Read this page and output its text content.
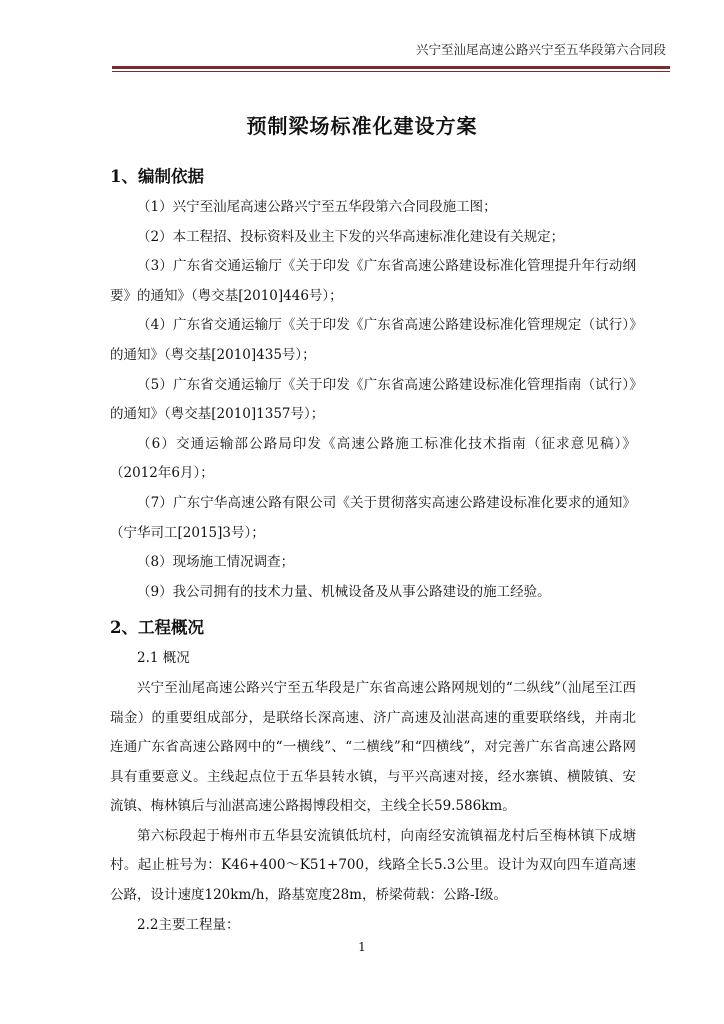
兴宁至汕尾高速公路兴宁至五华段第六合同段
预制梁场标准化建设方案

1、编制依据

（1）兴宁至汕尾高速公路兴宁至五华段第六合同段施工图；

（2）本工程招、投标资料及业主下发的兴华高速标准化建设有关规定；

（3）广东省交通运输厅《关于印发《广东省高速公路建设标准化管理提升年行动纲要》的通知》（粤交基[2010]446号）；

（4）广东省交通运输厅《关于印发《广东省高速公路建设标准化管理规定（试行）》的通知》（粤交基[2010]435号）；

（5）广东省交通运输厅《关于印发《广东省高速公路建设标准化管理指南（试行）》的通知》（粤交基[2010]1357号）；

（6）交通运输部公路局印发《高速公路施工标准化技术指南（征求意见稿）》（2012年6月）；

（7）广东宁华高速公路有限公司《关于贯彻落实高速公路建设标准化要求的通知》（宁华司工[2015]3号）；

（8）现场施工情况调查；

（9）我公司拥有的技术力量、机械设备及从事公路建设的施工经验。

2、工程概况

2.1 概况

兴宁至汕尾高速公路兴宁至五华段是广东省高速公路网规划的“二纵线”（汕尾至江西瑞金）的重要组成部分，是联络长深高速、济广高速及汕湛高速的重要联络线，并南北连通广东省高速公路网中的“一横线”、“二横线”和“四横线”，对完善广东省高速公路网具有重要意义。主线起点位于五华县转水镇，与平兴高速对接，经水寨镇、横陂镇、安流镇、梅林镇后与汕湛高速公路揭博段相交，主线全长59.586km。

第六标段起于梅州市五华县安流镇低坑村，向南经安流镇福龙村后至梅林镇下成塘村。起止桩号为：K46+400～K51+700，线路全长5.3公里。设计为双向四车道高速公路，设计速度120km/h，路基宽度28m，桥梁荷载：公路-I级。

2.2主要工程量：

1
